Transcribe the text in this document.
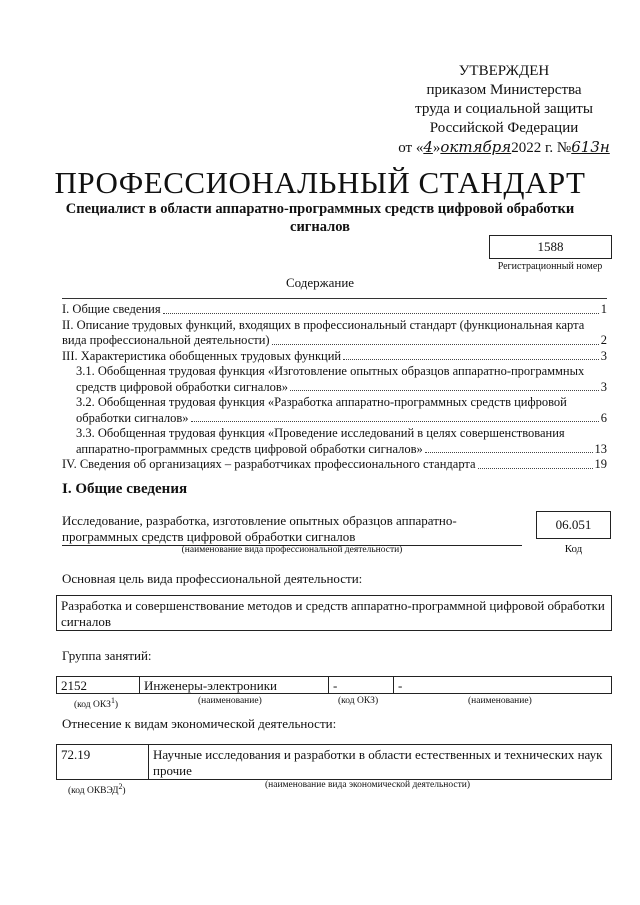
УТВЕРЖДЕН
приказом Министерства
труда и социальной защиты
Российской Федерации
от «4»октября2022 г. №613н
ПРОФЕССИОНАЛЬНЫЙ СТАНДАРТ
Специалист в области аппаратно-программных средств цифровой обработки
сигналов
1588
Регистрационный номер
Содержание
I. Общие сведения	1
II. Описание трудовых функций, входящих в профессиональный стандарт (функциональная карта
вида профессиональной деятельности)	2
III. Характеристика обобщенных трудовых функций	3
3.1. Обобщенная трудовая функция «Изготовление опытных образцов аппаратно-программных
средств цифровой обработки сигналов»	3
3.2. Обобщенная трудовая функция «Разработка аппаратно-программных средств цифровой
обработки сигналов»	6
3.3. Обобщенная трудовая функция «Проведение исследований в целях совершенствования
аппаратно-программных средств цифровой обработки сигналов»	13
IV. Сведения об организациях – разработчиках профессионального стандарта	19
I. Общие сведения
Исследование, разработка, изготовление опытных образцов аппаратно-
программных средств цифровой обработки сигналов
(наименование вида профессиональной деятельности)
06.051
Код
Основная цель вида профессиональной деятельности:
Разработка и совершенствование методов и средств аппаратно-программной цифровой обработки
сигналов
Группа занятий:
2152	Инженеры-электроники	-	-
(код ОКЗ$^1$)	(наименование)	(код ОКЗ)	(наименование)
Отнесение к видам экономической деятельности:
72.19	Научные исследования и разработки в области естественных и технических наук
прочие
(код ОКВЭД$^2$)
(наименование вида экономической деятельности)
